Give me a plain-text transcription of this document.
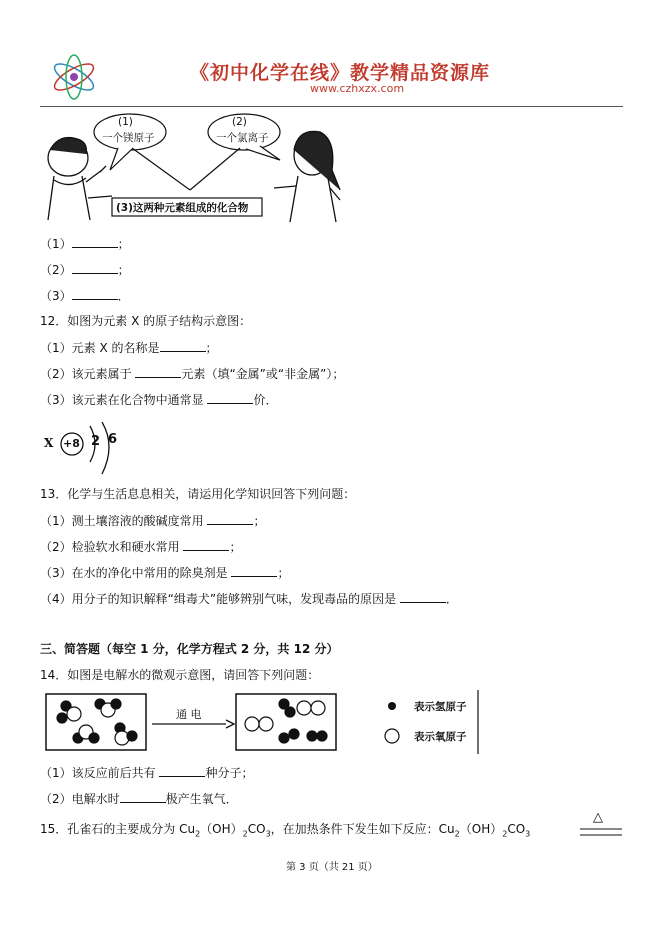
《初中化学在线》教学精品资源库
www.czhxzx.com
(1)
一个镁原子
(2)
一个氯离子
(3)这两种元素组成的化合物
（1）	；
（2）	；
（3）	．
12．如图为元素 X 的原子结构示意图：
（1）元素 X 的名称是	；
（2）该元素属于	元素（填“金属”或“非金属”）；
（3）该元素在化合物中通常显	价．
X +8 2 6
13．化学与生活息息相关，请运用化学知识回答下列问题：
（1）测土壤溶液的酸碱度常用	；
（2）检验软水和硬水常用	；
（3）在水的净化中常用的除臭剂是	；
（4）用分子的知识解释“缉毒犬”能够辨别气味，发现毒品的原因是	．
三、简答题（每空 1 分，化学方程式 2 分，共 12 分）
14．如图是电解水的微观示意图，请回答下列问题：
通 电
表示氢原子
表示氧原子
（1）该反应前后共有	种分子；
（2）电解水时	极产生氧气．
15．孔雀石的主要成分为 $Cu_2(OH)_2CO_3$，在加热条件下发生如下反应：$Cu_2(OH)_2CO_3$
△
第 3 页（共 21 页）
